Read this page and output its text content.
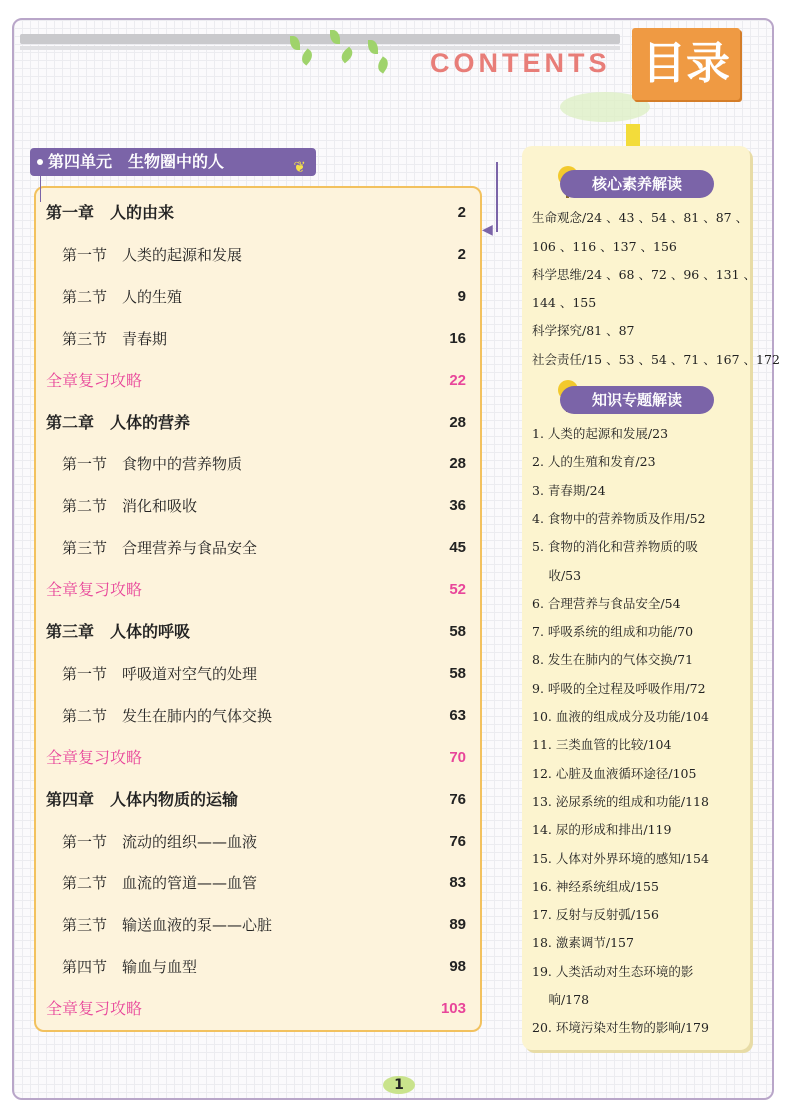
CONTENTS 目录
第四单元　生物圈中的人	❦
◀
第一章　人的由来	2
第一节　人类的起源和发展	2
第二节　人的生殖	9
第三节　青春期	16
全章复习攻略	22
第二章　人体的营养	28
第一节　食物中的营养物质	28
第二节　消化和吸收	36
第三节　合理营养与食品安全	45
全章复习攻略	52
第三章　人体的呼吸	58
第一节　呼吸道对空气的处理	58
第二节　发生在肺内的气体交换	63
全章复习攻略	70
第四章　人体内物质的运输	76
第一节　流动的组织——血液	76
第二节　血流的管道——血管	83
第三节　输送血液的泵——心脏	89
第四节　输血与血型	98
全章复习攻略	103
核心素养解读
生命观念/24 、43 、54 、81 、87 、
106 、116 、137 、156
科学思维/24 、68 、72 、96 、131 、
144 、155
科学探究/81 、87
社会责任/15 、53 、54 、71 、167 、172
知识专题解读
1. 人类的起源和发展/23
2. 人的生殖和发育/23
3. 青春期/24
4. 食物中的营养物质及作用/52
5. 食物的消化和营养物质的吸
　 收/53
6. 合理营养与食品安全/54
7. 呼吸系统的组成和功能/70
8. 发生在肺内的气体交换/71
9. 呼吸的全过程及呼吸作用/72
10. 血液的组成成分及功能/104
11. 三类血管的比较/104
12. 心脏及血液循环途径/105
13. 泌尿系统的组成和功能/118
14. 尿的形成和排出/119
15. 人体对外界环境的感知/154
16. 神经系统组成/155
17. 反射与反射弧/156
18. 激素调节/157
19. 人类活动对生态环境的影
　 响/178
20. 环境污染对生物的影响/179
1
